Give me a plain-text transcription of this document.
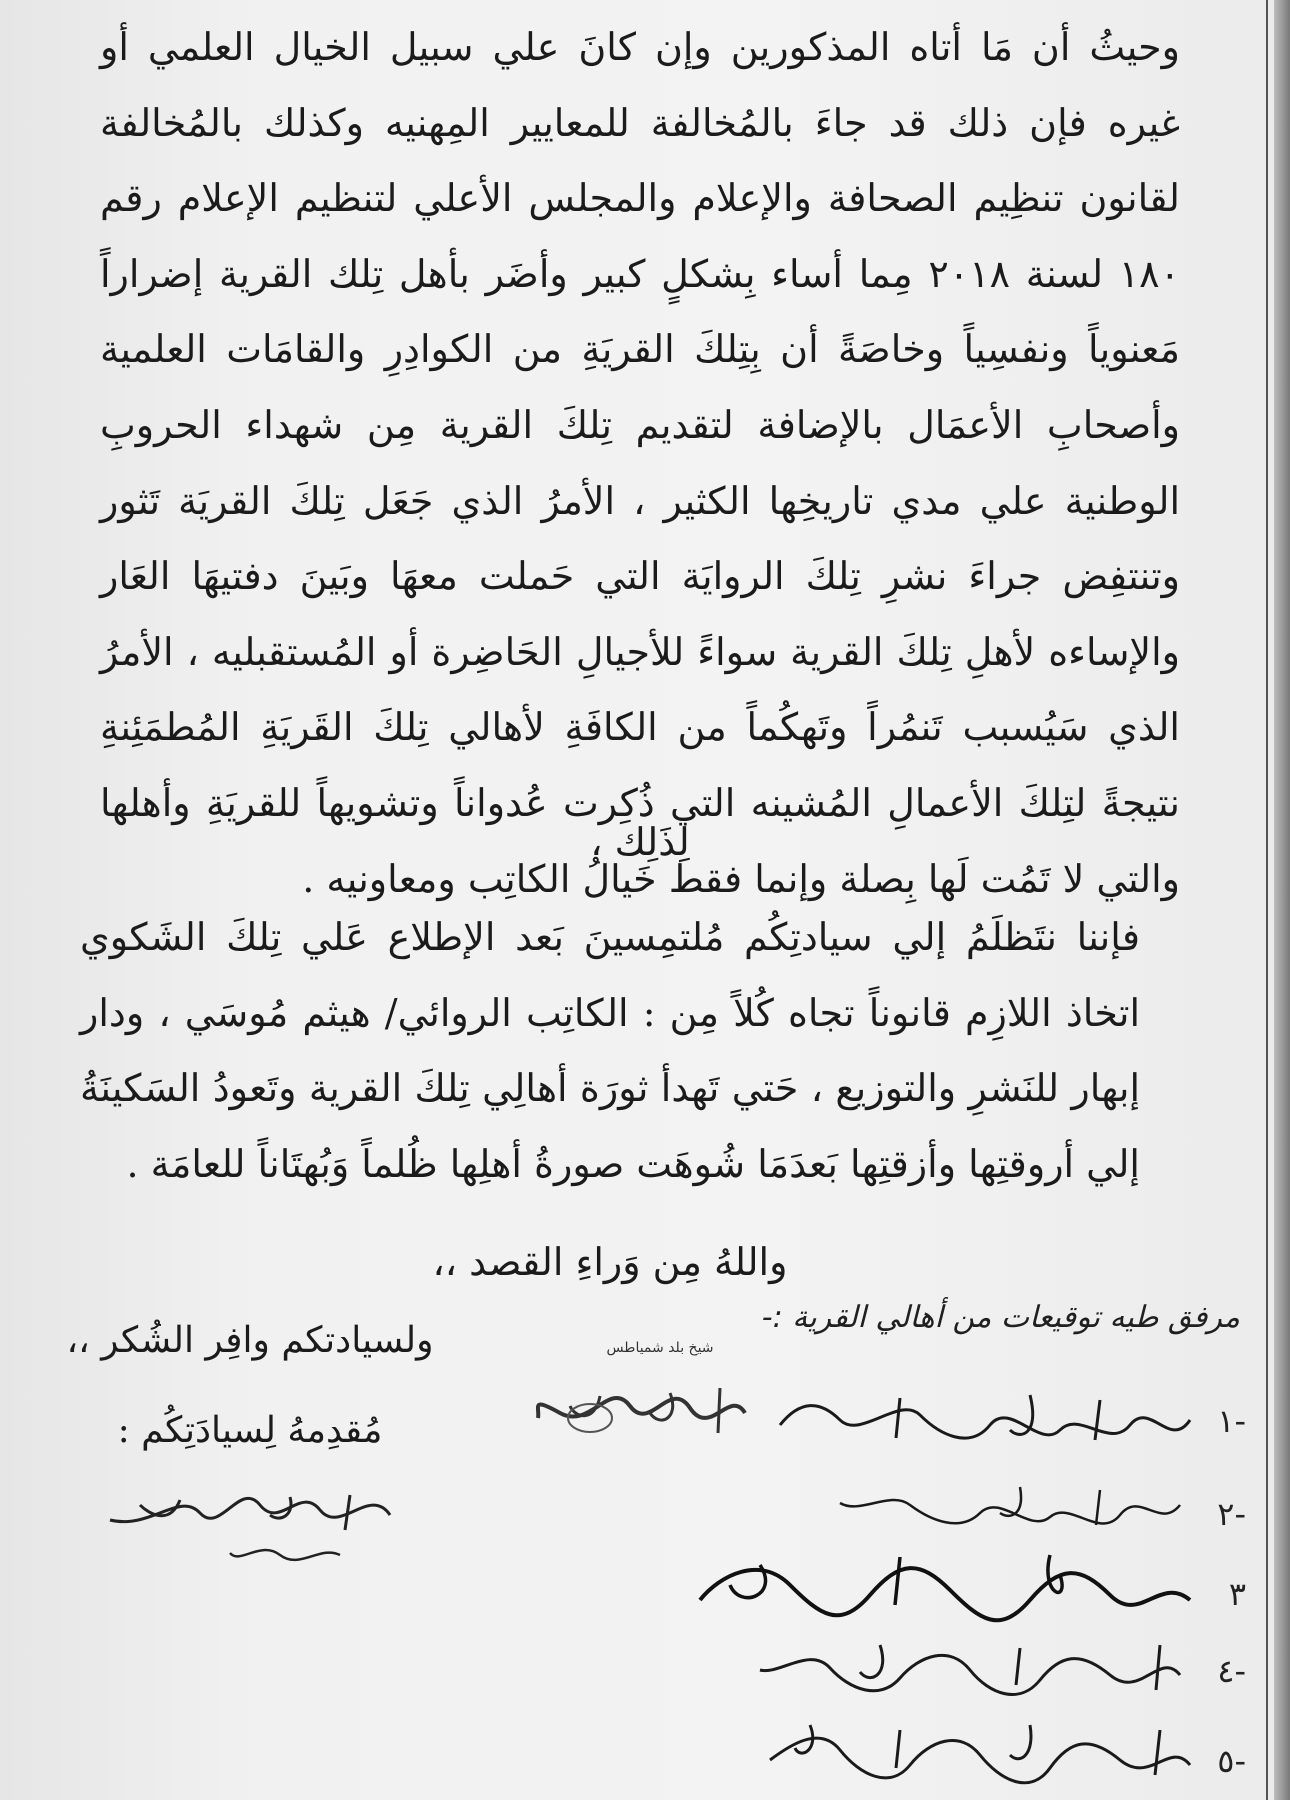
وحيثُ أن مَا أتاه المذكورين وإن كانَ علي سبيل الخيال العلمي أو غيره فإن ذلك قد جاءَ بالمُخالفة للمعايير المِهنيه وكذلك بالمُخالفة لقانون تنظِيم الصحافة والإعلام والمجلس الأعلي لتنظيم الإعلام رقم ١٨٠ لسنة ٢٠١٨ مِما أساء بِشكلٍ كبير وأضَر بأهل تِلك القرية إضراراً مَعنوياً ونفسِياً وخاصَةً أن بِتِلكَ القريَةِ من الكوادِرِ والقامَات العلمية وأصحابِ الأعمَال بالإضافة لتقديم تِلكَ القرية مِن شهداء الحروبِ الوطنية علي مدي تاريخِها الكثير ، الأمرُ الذي جَعَل تِلكَ القريَة تَثور وتنتفِض جراءَ نشرِ تِلكَ الروايَة التي حَملت معهَا وبَينَ دفتيهَا العَار والإساءه لأهلِ تِلكَ القرية سواءً للأجيالِ الحَاضِرة أو المُستقبليه ، الأمرُ الذي سَيُسبب تَنمُراً وتَهكُماً من الكافَةِ لأهالي تِلكَ القَريَةِ المُطمَئِنةِ نتيجةً لتِلكَ الأعمالِ المُشينه التي ذُكِرت عُدواناً وتشويهاً للقريَةِ وأهلها والتي لا تَمُت لَها بِصلة وإنما فقط خَيالُ الكاتِب ومعاونيه .
لِذَلِك ،
فإننا نتَظلَمُ إلي سيادتِكُم مُلتمِسينَ بَعد الإطلاع عَلي تِلكَ الشَكوي اتخاذ اللازِم قانوناً تجاه كُلاً مِن : الكاتِب الروائي/ هيثم مُوسَي ، ودار إبهار للنَشرِ والتوزيع ، حَتي تَهدأ ثورَة أهالِي تِلكَ القرية وتَعودُ السَكينَةُ إلي أروقتِها وأزقتِها بَعدَمَا شُوهَت صورةُ أهلِها ظُلماً وَبُهتَاناً للعامَة .
واللهُ مِن وَراءِ القصد ،،
ولسيادتكم وافِر الشُكر ،،
مُقدِمهُ لِسيادَتِكُم :
مرفق طيه توقيعات من أهالي القرية :-
شيخ بلد شمياطس
١-
٢-
٣
٤-
٥-
